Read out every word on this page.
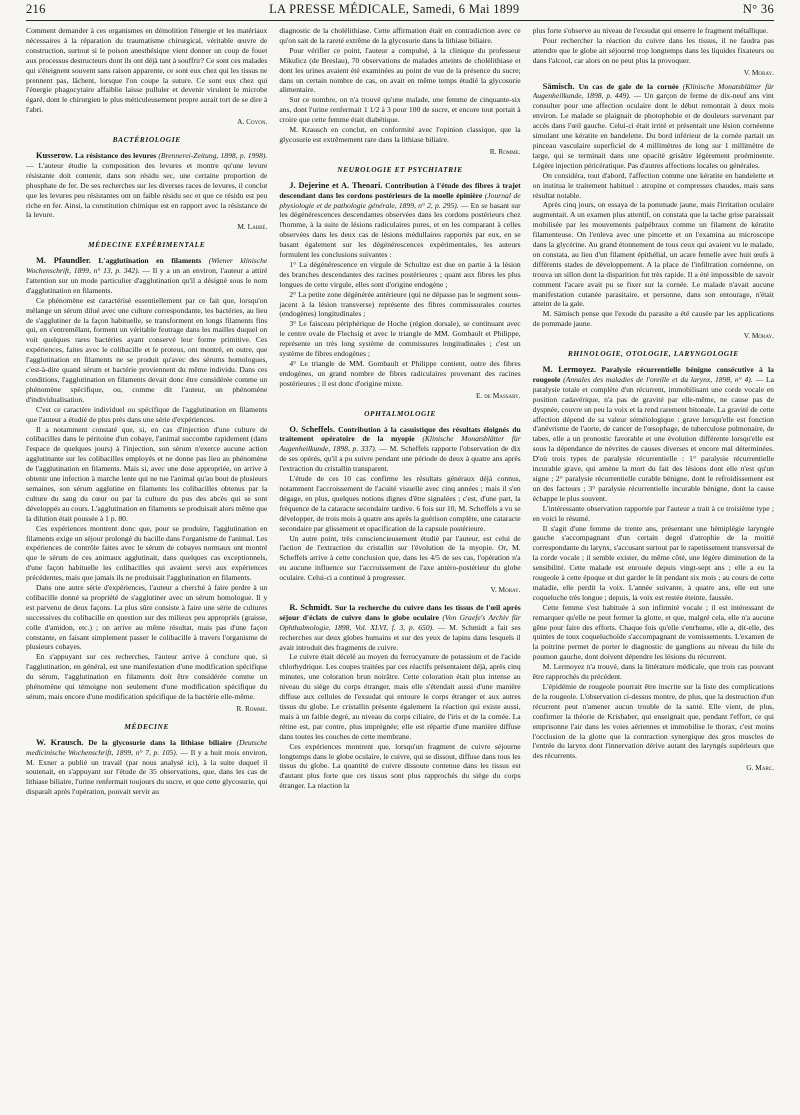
216	LA PRESSE MÉDICALE, Samedi, 6 Mai 1899	N° 36

Comment demander à ces organismes en démolition l'énergie et les matériaux nécessaires à la réparation du traumatisme chirurgical, véritable œuvre de construction, surtout si le poison anesthésique vient donner un coup de fouet aux processus destructeurs dont ils ont déjà tant à souffrir? Ce sont ces malades qui s'éteignent souvent sans raison apparente, ce sont eux chez qui les tissus ne prennent pas, lâchent, lorsque l'on coupe la suture. Ce sont eux chez qui l'énergie phagocytaire affaiblie laisse pulluler et devenir virulent le microbe égaré, dont le chirurgien le plus méticuleusement propre aurait tort de se dire à l'abri.

A. Coyon.
BACTÉRIOLOGIE

Kusserow. La résistance des levures (Brennerei-Zeitung, 1898, p. 1998). — L'auteur étudie la composition des levures et montre qu'une levure résistante doit contenir, dans son résidu sec, une certaine proportion de phosphate de fer. De ses recherches sur les diverses races de levures, il conclut que les levures peu résistantes ont un faible résidu sec et que ce résidu est peu riche en fer. Ainsi, la constitution chimique est en rapport avec la résistance de la levure.

M. Labbé.
MÉDECINE EXPÉRIMENTALE

M. Pfaundler. L'agglutination en filaments (Wiener klinische Wochenschrift, 1899, n° 13, p. 342). — Il y a un an environ, l'auteur a attiré l'attention sur un mode particulier d'agglutination qu'il a désigné sous le nom d'agglutination en filaments.

Ce phénomène est caractérisé essentiellement par ce fait que, lorsqu'on mélange un sérum dilué avec une culture correspondante, les bactéries, au lieu de s'agglutiner de la façon habituelle, se transforment en longs filaments fins qui, en s'entremêlant, forment un véritable feutrage dans les mailles duquel on voit quelques rares bactéries ayant conservé leur forme primitive. Ces expériences, faites avec le colibacille et le proteus, ont montré, en outre, que l'agglutination en filaments ne se produit qu'avec des sérums homologues, c'est-à-dire quand sérum et bactérie proviennent du même individu. Dans ces conditions, l'agglutination en filaments devait donc être considérée comme un phénomène spécifique, ou, comme dit l'auteur, un phénomène d'individualisation.

C'est ce caractère individuel ou spécifique de l'agglutination en filaments que l'auteur a étudié de plus près dans une série d'expériences.

Il a notamment constaté que, si, en cas d'injection d'une culture de colibacilles dans le péritoine d'un cobaye, l'animal succombe rapidement (dans l'espace de quelques jours) à l'injection, son sérum n'exerce aucune action agglutinante sur les colibacilles employés et ne donne pas lieu au phénomène de l'agglutination en filaments. Mais si, avec une dose appropriée, on arrive à obtenir une infection à marche lente qui ne tue l'animal qu'au bout de plusieurs semaines, son sérum agglutine en filaments les colibacilles obtenus par la culture du sang du cœur ou par la culture du pus des abcès qui se sont développés au cours. L'agglutination en filaments se produisait alors même que la dilution était poussée à 1 p. 80.

Ces expériences montrent donc que, pour se produire, l'agglutination en filaments exige un séjour prolongé du bacille dans l'organisme de l'animal. Les expériences de contrôle faites avec le sérum de cobayes normaux ont montré que le sérum de ces animaux agglutinait, dans quelques cas exceptionnels, d'une façon habituelle les colibacilles qui avaient servi aux expériences précédentes, mais que jamais ils ne produisait l'agglutination en filaments.

Dans une autre série d'expériences, l'auteur a cherché à faire perdre à un colibacille donné sa propriété de s'agglutiner avec un sérum homologue. Il y est parvenu de deux façons. La plus sûre consiste à faire une série de cultures successives du colibacille en question sur des milieux peu appropriés (graisse, colle d'amidon, etc.) ; on arrive au même résultat, mais pas d'une façon constante, en faisant simplement passer le colibacille à travers l'organisme de plusieurs cobayes.

En s'appuyant sur ces recherches, l'auteur arrive à conclure que, si l'agglutination, en général, est une manifestation d'une modification spécifique du sérum, l'agglutination en filaments doit être considérée comme un phénomène qui témoigne non seulement d'une modification spécifique du sérum, mais encore d'une modification spécifique de la bactérie elle-même.

R. Romme.
MÉDECINE

W. Krausch. De la glycosurie dans la lithiase biliaire (Deutsche medicinische Wochenschrift, 1899, n° 7, p. 105). — Il y a huit mois environ, M. Exner a publié un travail (par nous analysé ici), à la suite duquel il soutenait, en s'appuyant sur l'étude de 35 observations, que, dans les cas de lithiase biliaire, l'urine renfermait toujours du sucre, et que cette glycosurie, qui disparaît après l'opération, pouvait servir au

diagnostic de la cholélithiase. Cette affirmation était en contradiction avec ce qu'on sait de la rareté extrême de la glycosurie dans la lithiase biliaire.

Pour vérifier ce point, l'auteur a compulsé, à la clinique du professeur Mikulicz (de Breslau), 70 observations de malades atteints de cholélithiase et dont les urines avaient été examinées au point de vue de la présence du sucre; dans un certain nombre de cas, on avait en même temps étudié la glycosurie alimentaire.

Sur ce nombre, on n'a trouvé qu'une malade, une femme de cinquante-six ans, dont l'urine renfermait 1 1/2 à 3 pour 100 de sucre, et encore tout portait à croire que cette femme était diabétique.

M. Krausch en conclut, en conformité avec l'opinion classique, que la glycosurie est extrêmement rare dans la lithiase biliaire.

R. Romme.
NEUROLOGIE ET PSYCHIATRIE

J. Dejerine et A. Theoari. Contribution à l'étude des fibres à trajet descendant dans les cordons postérieurs de la moelle épinière (Journal de physiologie et de pathologie générale, 1899, n° 2, p. 295). — En se basant sur les dégénérescences descendantes observées dans les cordons postérieurs chez l'homme, à la suite de lésions radiculaires pures, et en les comparant à celles observées dans les deux cas de lésions médullaires rapportés par eux, en se basant également sur les dégénérescences expérimentales, les auteurs formulent les conclusions suivantes :

1° La dégénérescence en virgule de Schultze est due en partie à la lésion des branches descendantes des racines postérieures ; quant aux fibres les plus longues de cette virgule, elles sont d'origine endogène ;

2° La petite zone dégénérée antérieure (qui ne dépasse pas le segment sous-jacent à la lésion transverse) représente des fibres commissurales courtes (endogènes) longitudinales ;

3° Le faisceau périphérique de Hoche (région dorsale), se continuant avec le centre ovale de Flechsig et avec le triangle de MM. Gombault et Philippe, représente un très long système de commissures longitudinales ; c'est un système de fibres endogènes ;

4° Le triangle de MM. Gombault et Philippe contient, outre des fibres endogènes, un grand nombre de fibres radiculaires provenant des racines postérieures ; il est donc d'origine mixte.

E. de Massary.
OPHTALMOLOGIE

O. Scheffels. Contribution à la casuistique des résultats éloignés du traitement opératoire de la myopie (Klinische Monatsblätter für Augenheilkunde, 1898, p. 337). — M. Scheffels rapporte l'observation de dix de ses opérés, qu'il a pu suivre pendant une période de deux à quatre ans après l'extraction du cristallin transparent.

L'étude de ces 10 cas confirme les résultats généraux déjà connus, notamment l'accroissement de l'acuité visuelle avec cinq années ; mais il s'en dégage, en plus, quelques notions dignes d'être signalées ; c'est, d'une part, la fréquence de la cataracte secondaire tardive. 6 fois sur 10, M. Scheffels a vu se développer, de trois mois à quatre ans après la guérison complète, une cataracte secondaire par glissement et opacification de la capsule postérieure.

Un autre point, très consciencieusement étudié par l'auteur, est celui de l'action de l'extraction du cristallin sur l'évolution de la myopie. Or, M. Scheffels arrive à cette conclusion que, dans les 4/5 de ses cas, l'opération n'a eu aucune influence sur l'accroissement de l'axe antéro-postérieur du globe oculaire. Celui-ci a continué à progresser.

V. Moray.

R. Schmidt. Sur la recherche du cuivre dans les tissus de l'œil après séjour d'éclats de cuivre dans le globe oculaire (Von Graefe's Archiv für Ophthalmologie, 1898, Vol. XLVI, f. 3, p. 650). — M. Schmidt a fait ses recherches sur deux globes humains et sur des yeux de lapins dans lesquels il avait introduit des fragments de cuivre.

Le cuivre était décelé au moyen du ferrocyanure de potassium et de l'acide chlorhydrique. Les coupes traitées par ces réactifs présentaient déjà, après cinq minutes, une coloration brun noirâtre. Cette coloration était plus intense au niveau du siège du corps étranger, mais elle s'étendait aussi d'une manière diffuse aux cellules de l'exsudat qui entoure le corps étranger et aux autres tissus du globe. Le cristallin présente également la réaction qui existe aussi, mais à un faible degré, au niveau du corps ciliaire, de l'iris et de la cornée. La rétine est, par contre, plus imprégnée; elle est répartie d'une manière diffuse dans toutes les couches de cette membrane.

Ces expériences montrent que, lorsqu'un fragment de cuivre séjourne longtemps dans le globe oculaire, le cuivre, qui se dissout, diffuse dans tous les tissus du globe. La quantité de cuivre dissoute contenue dans les tissus est d'autant plus forte que ces tissus sont plus rapprochés du siège du corps étranger. La réaction la

plus forte s'observe au niveau de l'exsudat qui enserre le fragment métallique.

Pour rechercher la réaction du cuivre dans les tissus, il ne faudra pas attendre que le globe ait séjourné trop longtemps dans les liquides fixateurs ou dans l'alcool, car alors on ne peut plus la provoquer.

V. Moray.

Sämisch. Un cas de gale de la cornée (Klinische Monatsblätter für Augenheilkunde, 1898, p. 449). — Un garçon de ferme de dix-neuf ans vint consulter pour une affection oculaire dont le début remontait à deux mois environ. Le malade se plaignait de photophobie et de douleurs survenant par accès dans l'œil gauche. Celui-ci était irrité et présentait une lésion cornéenne simulant une kératite en bandelette. Du bord inférieur de la cornée partait un pinceau vasculaire superficiel de 4 millimètres de long sur 1 millimètre de large, qui se terminait dans une opacité grisâtre légèrement proéminente. Légère injection péricératique. Pas d'autres affections locales ou générales.

On considéra, tout d'abord, l'affection comme une kératite en bandelette et on institua le traitement habituel : atropine et compresses chaudes, mais sans résultat notable.

Après cinq jours, on essaya de la pommade jaune, mais l'irritation oculaire augmentait. A un examen plus attentif, on constata que la tache grise paraissait mobilisée par les mouvements palpébraux comme un filament de kératite filamenteuse. On l'enleva avec une pincette et on l'examina au microscope dans la glycérine. Au grand étonnement de tous ceux qui avaient vu le malade, on constata, au lieu d'un filament épithélial, un acare femelle avec huit œufs à différents stades de développement. A la place de l'infiltration cornéenne, on trouva un sillon dont la disparition fut très rapide. Il a été impossible de savoir comment l'acare avait pu se fixer sur la cornée. Le malade n'avait aucune manifestation cutanée parasitaire, et personne, dans son entourage, n'était atteint de la gale.

M. Sämisch pense que l'exode du parasite a été causée par les applications de pommade jaune.

V. Moray.
RHINOLOGIE, OTOLOGIE, LARYNGOLOGIE

M. Lermoyez. Paralysie récurrentielle bénigne consécutive à la rougeole (Annales des maladies de l'oreille et du larynx, 1898, n° 4). — La paralysie totale et complète d'un récurrent, immobilisant une corde vocale en position cadavérique, n'a pas de gravité par elle-même, ne cause pas de dyspnée, couvre un peu la voix et la rend rarement bitonale. La gravité de cette affection dépend de sa valeur séméiologique : grave lorsqu'elle est fonction d'anévrisme de l'aorte, de cancer de l'œsophage, de tuberculose pulmonaire, de tabes, elle a un pronostic favorable et une évolution différente lorsqu'elle est sous la dépendance de névrites de causes diverses et encore mal déterminées. D'où trois types de paralysie récurrentielle : 1° paralysie récurrentielle incurable grave, qui amène la mort du fait des lésions dont elle n'est qu'un signe ; 2° paralysie récurrentielle curable bénigne, dont le refroidissement est un des facteurs ; 3° paralysie récurrentielle incurable bénigne, dont la cause échappe le plus souvent.

L'intéressante observation rapportée par l'auteur a trait à ce troisième type ; en voici le résumé.

Il s'agit d'une femme de trente ans, présentant une hémiplégie laryngée gauche s'accompagnant d'un certain degré d'atrophie de la moitié correspondante du larynx, s'accusant surtout par le rapetissement transversal de la corde vocale ; il semble exister, du même côté, une légère diminution de la sensibilité. Cette malade est enrouée depuis vingt-sept ans ; elle a eu la rougeole à cette époque et dut garder le lit pendant six mois ; au cours de cette maladie, elle perdit la voix. L'année suivante, à quatre ans, elle eut une coqueluche très longue ; depuis, la voix est restée éteinte, faussée.

Cette femme s'est habituée à son infirmité vocale ; il est intéressant de remarquer qu'elle ne peut fermer la glotte, et que, malgré cela, elle n'a aucune gêne pour faire des efforts. Chaque fois qu'elle s'enrhume, elle a, dit-elle, des quintes de toux coqueluchoïde s'accompagnant de vomissements. L'examen de la poitrine permet de porter le diagnostic de ganglions au niveau du hile du poumon gauche, dont doivent dépendre les lésions du récurrent.

M. Lermoyez n'a trouvé, dans la littérature médicale, que trois cas pouvant être rapprochés du précédent.

L'épidémie de rougeole pourrait être inscrite sur la liste des complications de la rougeole. L'observation ci-dessus montre, de plus, que la destruction d'un récurrent peut n'amener aucun trouble de la santé. Elle vient, de plus, confirmer la théorie de Krishaber, qui enseignait que, pendant l'effort, ce qui emprisonne l'air dans les voies aériennes et immobilise le thorax, c'est moins l'occlusion de la glotte que la contraction synergique des gros muscles de l'entrée du larynx dont l'innervation dérive autant des laryngés supérieurs que des récurrents.

G. Marc.
